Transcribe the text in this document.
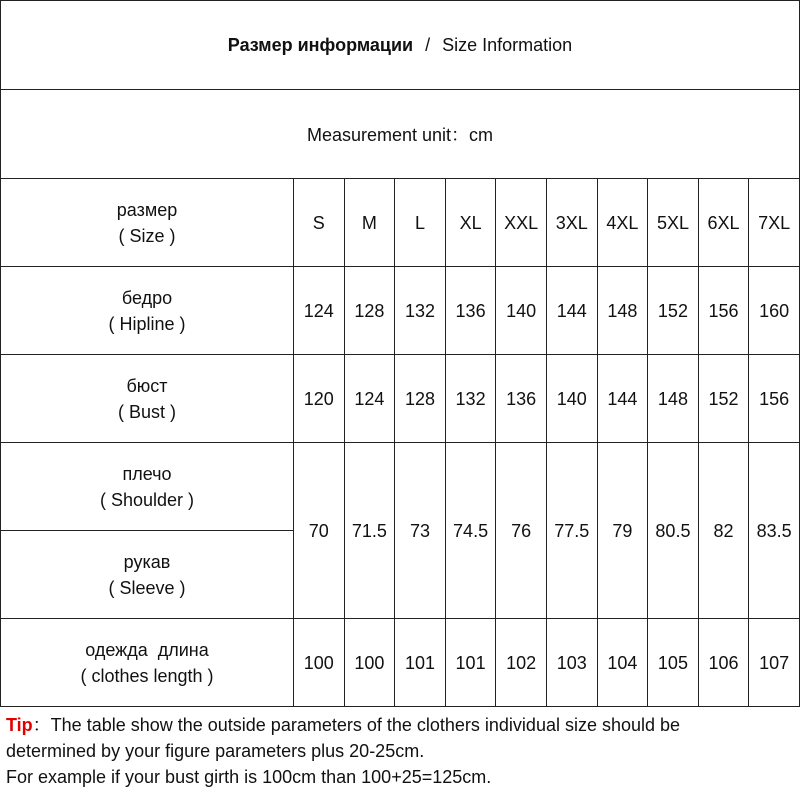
Размер информации / Size Information
Measurement unit：cm
размер
( Size )	S	M	L	XL	XXL	3XL	4XL	5XL	6XL	7XL

бедро
( Hipline )	124	128	132	136	140	144	148	152	156	160

бюст
( Bust )	120	124	128	132	136	140	144	148	152	156

плечо
( Shoulder )	70	71.5	73	74.5	76	77.5	79	80.5	82	83.5

рукав
( Sleeve )										

одежда  длина
( clothes length )	100	100	101	101	102	103	104	105	106	107
Tip：The table show the outside parameters of the clothers individual size should be
determined by your figure parameters plus 20-25cm.
For example if your bust girth is 100cm than 100+25=125cm.
